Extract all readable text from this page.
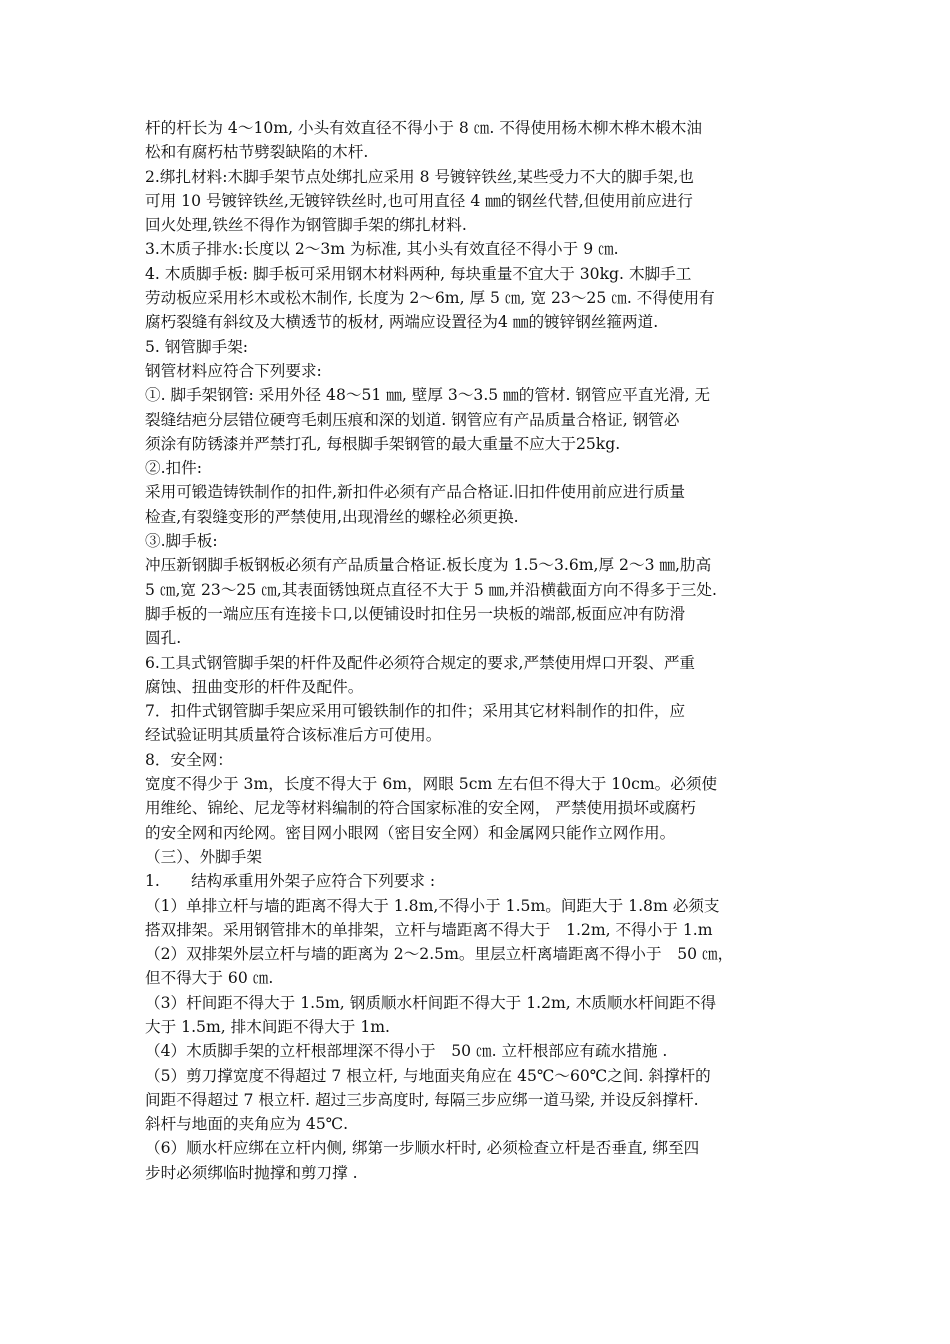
杆的杆长为 4～10m, 小头有效直径不得小于 8 ㎝. 不得使用杨木柳木桦木椴木油
松和有腐朽枯节劈裂缺陷的木杆.
2.绑扎材料:木脚手架节点处绑扎应采用 8 号镀锌铁丝,某些受力不大的脚手架,也
可用 10 号镀锌铁丝,无镀锌铁丝时,也可用直径 4 ㎜的钢丝代替,但使用前应进行
回火处理,铁丝不得作为钢管脚手架的绑扎材料.
3.木质子排水:长度以 2～3m 为标准, 其小头有效直径不得小于 9 ㎝.
4. 木质脚手板: 脚手板可采用钢木材料两种, 每块重量不宜大于 30kg. 木脚手工
劳动板应采用杉木或松木制作, 长度为 2～6m, 厚 5 ㎝, 宽 23～25 ㎝. 不得使用有
腐朽裂缝有斜纹及大横透节的板材, 两端应设置径为4 ㎜的镀锌钢丝箍两道.
5. 钢管脚手架:
钢管材料应符合下列要求:
①. 脚手架钢管: 采用外径 48～51 ㎜, 壁厚 3～3.5 ㎜的管材. 钢管应平直光滑, 无
裂缝结疤分层错位硬弯毛刺压痕和深的划道. 钢管应有产品质量合格证, 钢管必
须涂有防锈漆并严禁打孔, 每根脚手架钢管的最大重量不应大于25kg.
②.扣件:
采用可锻造铸铁制作的扣件,新扣件必须有产品合格证.旧扣件使用前应进行质量
检查,有裂缝变形的严禁使用,出现滑丝的螺栓必须更换.
③.脚手板:
冲压新钢脚手板钢板必须有产品质量合格证.板长度为 1.5～3.6m,厚 2～3 ㎜,肋高
5 ㎝,宽 23～25 ㎝,其表面锈蚀斑点直径不大于 5 ㎜,并沿横截面方向不得多于三处.
脚手板的一端应压有连接卡口,以便铺设时扣住另一块板的端部,板面应冲有防滑
圆孔.
6.工具式钢管脚手架的杆件及配件必须符合规定的要求,严禁使用焊口开裂、严重
腐蚀、扭曲变形的杆件及配件。
7．扣件式钢管脚手架应采用可锻铁制作的扣件；采用其它材料制作的扣件，应
经试验证明其质量符合该标准后方可使用。
8．安全网：
宽度不得少于 3m，长度不得大于 6m，网眼 5cm 左右但不得大于 10cm。必须使
用维纶、锦纶、尼龙等材料编制的符合国家标准的安全网， 严禁使用损坏或腐朽
的安全网和丙纶网。密目网小眼网（密目安全网）和金属网只能作立网作用。
（三）、外脚手架
1.　　结构承重用外架子应符合下列要求 :
（1）单排立杆与墙的距离不得大于 1.8m,不得小于 1.5m。间距大于 1.8m 必须支
搭双排架。采用钢管排木的单排架，立杆与墙距离不得大于　1.2m, 不得小于 1.m
（2）双排架外层立杆与墙的距离为 2～2.5m。里层立杆离墙距离不得小于　50 ㎝，
但不得大于 60 ㎝.
（3）杆间距不得大于 1.5m, 钢质顺水杆间距不得大于 1.2m, 木质顺水杆间距不得
大于 1.5m, 排木间距不得大于 1m.
（4）木质脚手架的立杆根部埋深不得小于　50 ㎝. 立杆根部应有疏水措施 .
（5）剪刀撑宽度不得超过 7 根立杆, 与地面夹角应在 45℃～60℃之间. 斜撑杆的
间距不得超过 7 根立杆. 超过三步高度时, 每隔三步应绑一道马梁, 并设反斜撑杆.
斜杆与地面的夹角应为 45℃.
（6）顺水杆应绑在立杆内侧, 绑第一步顺水杆时, 必须检查立杆是否垂直, 绑至四
步时必须绑临时抛撑和剪刀撑 .
